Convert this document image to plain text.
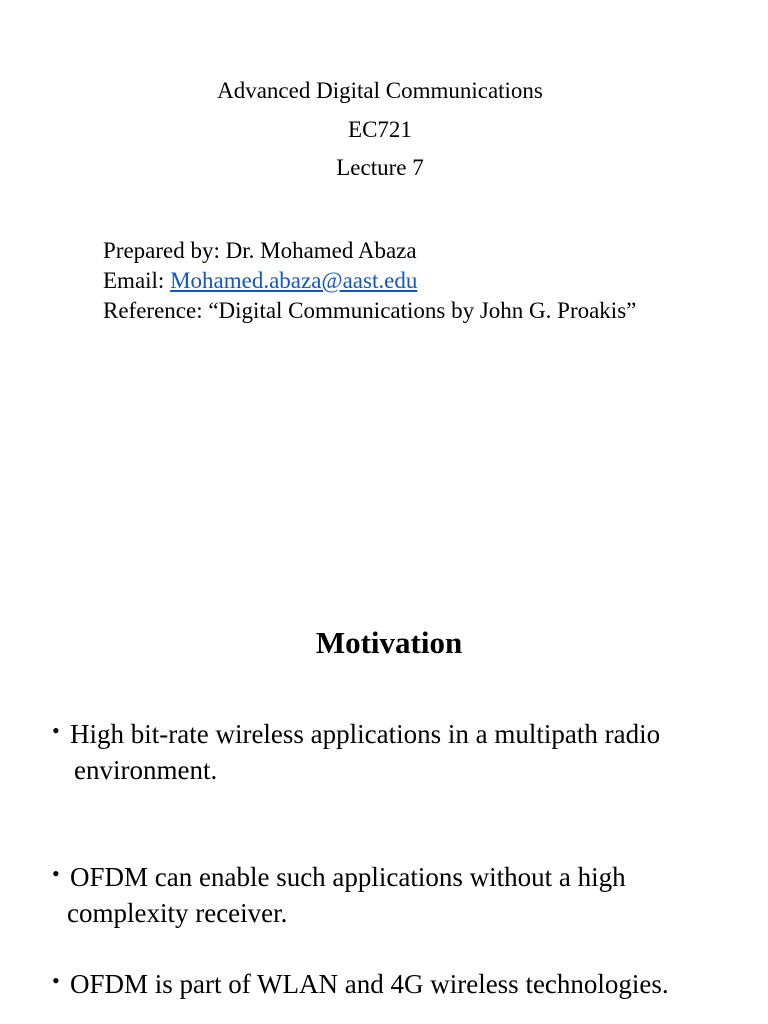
Advanced Digital Communications
EC721
Lecture 7
Prepared by: Dr. Mohamed Abaza
Email: Mohamed.abaza@aast.edu
Reference: “Digital Communications by John G. Proakis”
Motivation
• High bit-rate wireless applications in a multipath radio
environment.
• OFDM can enable such applications without a high
complexity receiver.
• OFDM is part of WLAN and 4G wireless technologies.
